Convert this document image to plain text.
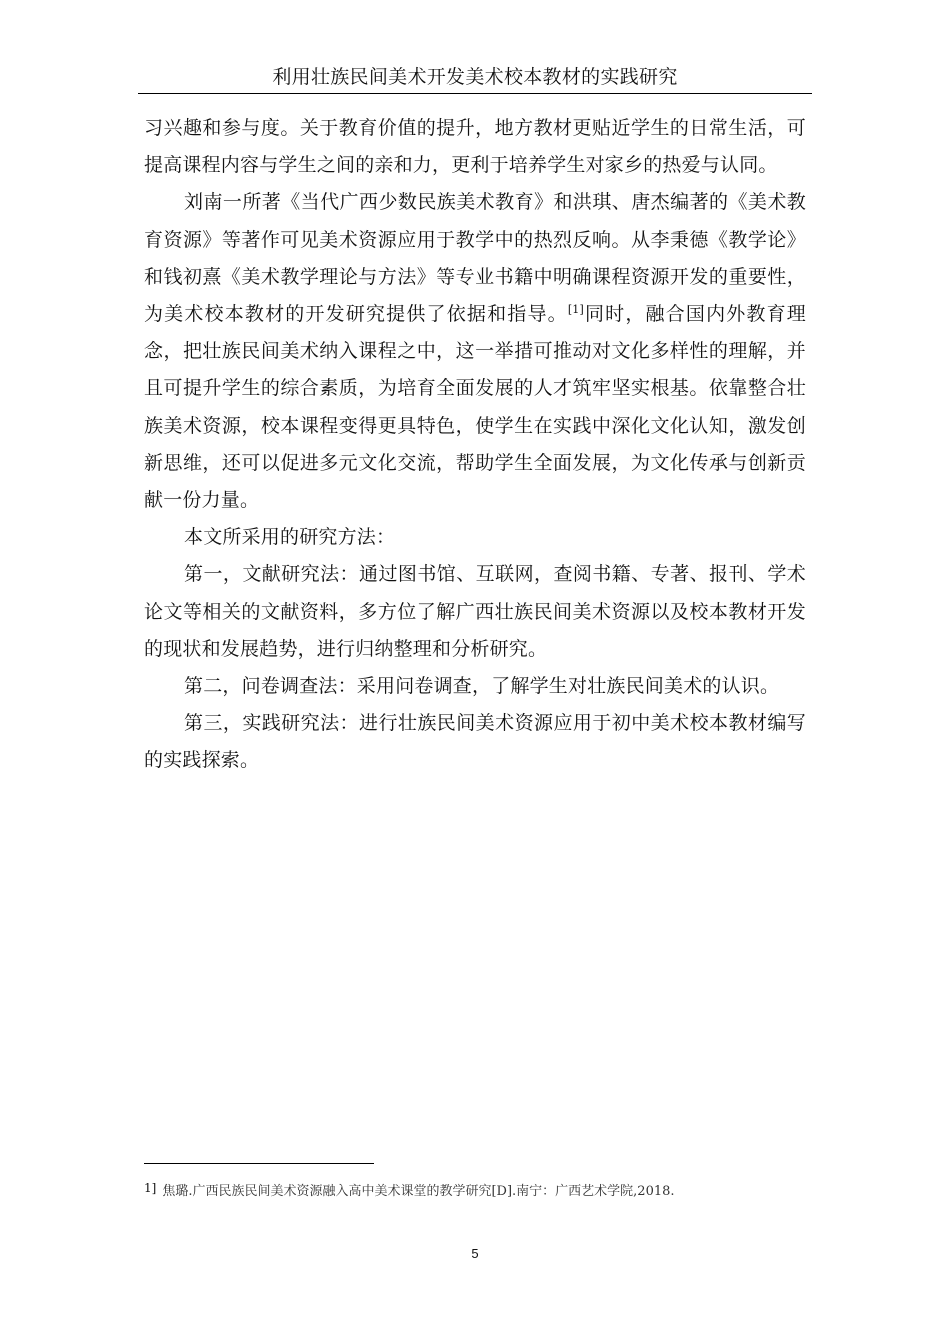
利用壮族民间美术开发美术校本教材的实践研究

习兴趣和参与度。关于教育价值的提升，地方教材更贴近学生的日常生活，可提高课程内容与学生之间的亲和力，更利于培养学生对家乡的热爱与认同。

刘南一所著《当代广西少数民族美术教育》和洪琪、唐杰编著的《美术教育资源》等著作可见美术资源应用于教学中的热烈反响。从李秉德《教学论》和钱初熹《美术教学理论与方法》等专业书籍中明确课程资源开发的重要性，为美术校本教材的开发研究提供了依据和指导。[1]同时，融合国内外教育理念，把壮族民间美术纳入课程之中，这一举措可推动对文化多样性的理解，并且可提升学生的综合素质，为培育全面发展的人才筑牢坚实根基。依靠整合壮族美术资源，校本课程变得更具特色，使学生在实践中深化文化认知，激发创新思维，还可以促进多元文化交流，帮助学生全面发展，为文化传承与创新贡献一份力量。

本文所采用的研究方法：

第一，文献研究法：通过图书馆、互联网，查阅书籍、专著、报刊、学术论文等相关的文献资料，多方位了解广西壮族民间美术资源以及校本教材开发的现状和发展趋势，进行归纳整理和分析研究。

第二，问卷调查法：采用问卷调查，了解学生对壮族民间美术的认识。

第三，实践研究法：进行壮族民间美术资源应用于初中美术校本教材编写的实践探索。

1] 焦璐.广西民族民间美术资源融入高中美术课堂的教学研究[D].南宁：广西艺术学院,2018.
5
